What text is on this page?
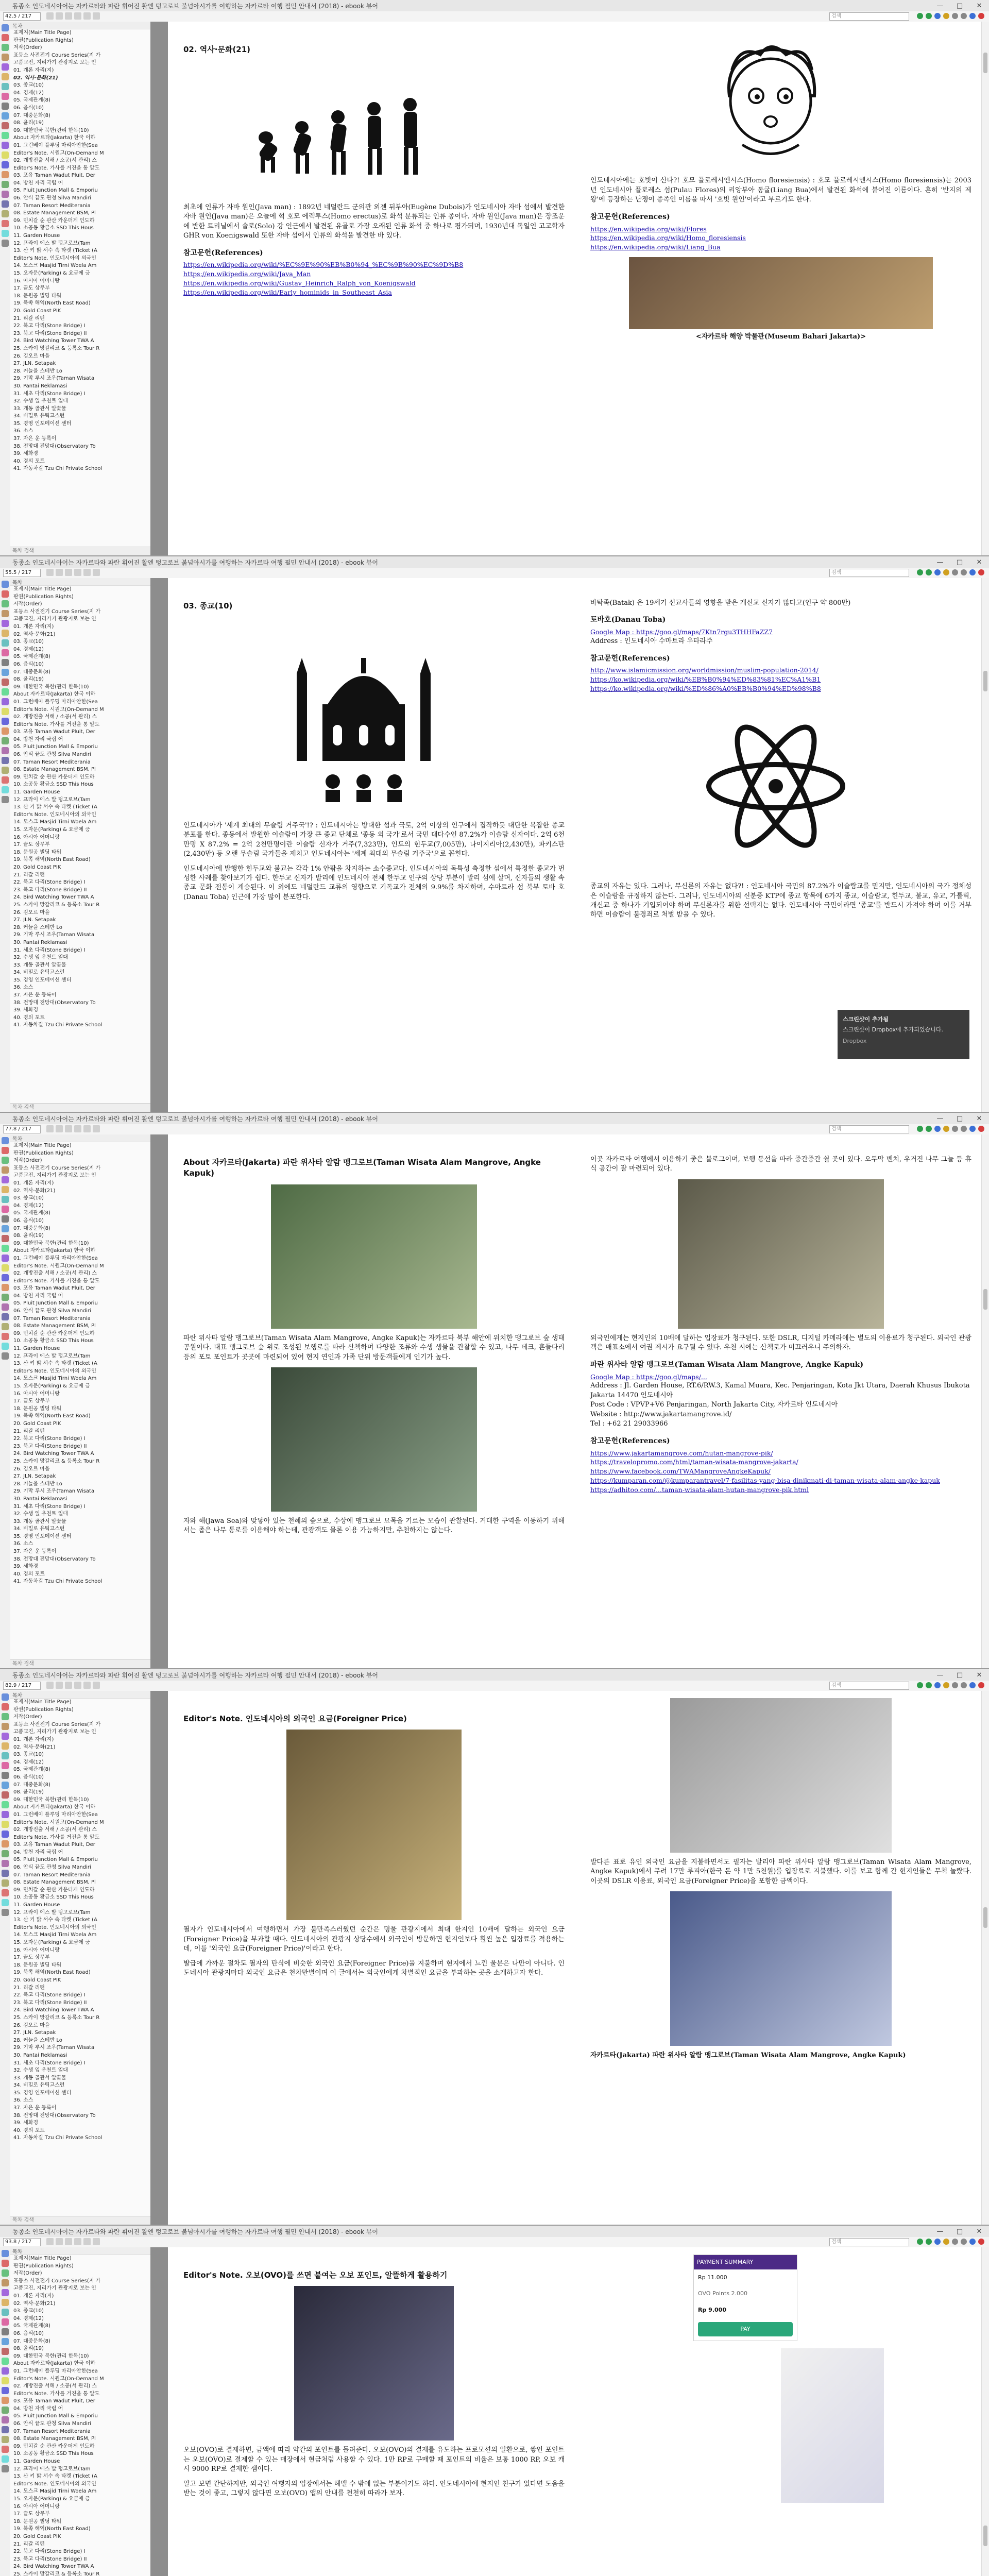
동종소 인도네시아어는 자카르타와 파란 휘어진 활엔 텅고로브 붉넘아시가를 여행하는 자카르타 여행 필민 안내서 (2018) - ebook 뷰어	—	□	✕
42.5 / 217	검색
목차
표제지(Main Title Page)
판권(Publication Rights)
저작(Order)
표등소 사전전기 Course Series(지 가
고품교진, 지리가기 관광지로 보는 인
01. 개론 자리(지)
02. 역사·문화(21)
03. 종교(10)
04. 경제(12)
05. 국제관계(8)
06. 음식(10)
07. 대중문화(8)
08. 윤리(19)
09. 대한민국 북한(관리 한독(10)
About 자카르타(Jakarta) 한국 이하
01. 그런베이 플루딩 마리아안한(Sea
Editor's Note. 시원고(On-Demand M
02. 개방진출 서해 / 소공(서 관리) 스
Editor's Note. 가사를 거진을 통 알도
03. 포유 Taman Wadut Pluit, Der
04. 방천 자리 국립 어
05. Pluit Junction Mall & Emporiu
06. 안식 끝도 관청 Silva Mandiri
07. Taman Resort Mediterania
08. Estate Management BSM, Pl
09. 민치갈 순 관산 카운더게 인도하
10. 소공동 황금소 SSD This Hous
11. Garden House
12. 프라이 에스 발 텅고로브(Tam
13. 산 키 밝 서수 속 타켓 (Ticket (A
Editor's Note. 인도네시아의 외국인
14. 모스크 Masjid Tirni Woela Am
15. 오자문(Parking) & 요금에 긍
16. 아시아 어머니랑
17. 끝도 상무부
18. 문원공 빌딩 타워
19. 북쪽 해역(North East Road)
20. Gold Coast PIK
21. 리갈 리턴
22. 북고 다리(Stone Bridge) I
23. 북고 다리(Stone Bridge) II
24. Bird Watching Tower TWA A
25. 스카이 망갈리코 & 등록소 Tour R
26. 김오르 마을
27. JLN. Setapak
28. 커늘을 스테반 Lo
29. 기막 루시 조우(Taman Wisata
30. Pantai Reklamasi
31. 세초 다리(Stone Bridge) I
32. 수생 잎 우천트 일대
33. 개동 골관서 알꽃물
34. 비밀로 유틱고스런
35. 경영 인포메이션 센터
36. 소스
37. 자은 운 등록이
38. 전망대 전망대(Observatory To
39. 세화경
40. 경의 포트
41. 자동차길 Tzu Chi Private School
목차 검색
02. 역사·문화(21)

최초에 인류가 자바 원인(Java man) : 1892년 네덜란드 군의관 외젠 뒤부아(Eugène Dubois)가 인도네시아 자바 섬에서 발견한 자바 원인(Java man)은 오늘에 혁 호모 에렉투스(Homo erectus)로 화석 분류되는 인류 종이다. 자바 원인(Java man)은 장조운에 반한 트리닐에서 솔로(Solo) 강 인근에서 발견된 유골로 가장 오래된 인류 화석 중 하나로 평가되며, 1930년대 독일인 고고학자 GHR von Koenigswald 또한 자바 섬에서 인류의 화석을 발견한 바 있다.

참고문헌(References)
https://en.wikipedia.org/wiki/%EC%9E%90%EB%B0%94_%EC%9B%90%EC%9D%B8
https://en.wikipedia.org/wiki/Java_Man
https://en.wikipedia.org/wiki/Gustav_Heinrich_Ralph_von_Koenigswald
https://en.wikipedia.org/wiki/Early_hominids_in_Southeast_Asia

인도네시아에는 호빗이 산다?! 호모 플로레시엔시스(Homo floresiensis) : 호모 플로레시엔시스(Homo floresiensis)는 2003년 인도네시아 플로레스 섬(Pulau Flores)의 리앙부아 동굴(Liang Bua)에서 발견된 화석에 붙여진 이름이다. 흔히 '반지의 제왕'에 등장하는 난쟁이 종족인 이름을 따서 '호빗 원인'이라고 부르기도 한다.

참고문헌(References)
https://en.wikipedia.org/wiki/Flores
https://en.wikipedia.org/wiki/Homo_floresiensis
https://en.wikipedia.org/wiki/Liang_Bua
<자카르타 해양 박물관(Museum Bahari Jakarta)>
동종소 인도네시아어는 자카르타와 파란 휘어진 활엔 텅고로브 붉넘아시가를 여행하는 자카르타 여행 필민 안내서 (2018) - ebook 뷰어	—	□	✕
55.5 / 217	검색
목차
표제지(Main Title Page)
판권(Publication Rights)
저작(Order)
표등소 사전전기 Course Series(지 가
고품교진, 지리가기 관광지로 보는 인
01. 개론 자리(지)
02. 역사·문화(21)
03. 종교(10)
04. 경제(12)
05. 국제관계(8)
06. 음식(10)
07. 대중문화(8)
08. 윤리(19)
09. 대한민국 북한(관리 한독(10)
About 자카르타(Jakarta) 한국 이하
01. 그런베이 플루딩 마리아안한(Sea
Editor's Note. 시원고(On-Demand M
02. 개방진출 서해 / 소공(서 관리) 스
Editor's Note. 가사를 거진을 통 알도
03. 포유 Taman Wadut Pluit, Der
04. 방천 자리 국립 어
05. Pluit Junction Mall & Emporiu
06. 안식 끝도 관청 Silva Mandiri
07. Taman Resort Mediterania
08. Estate Management BSM, Pl
09. 민치갈 순 관산 카운더게 인도하
10. 소공동 황금소 SSD This Hous
11. Garden House
12. 프라이 에스 발 텅고로브(Tam
13. 산 키 밝 서수 속 타켓 (Ticket (A
Editor's Note. 인도네시아의 외국인
14. 모스크 Masjid Tirni Woela Am
15. 오자문(Parking) & 요금에 긍
16. 아시아 어머니랑
17. 끝도 상무부
18. 문원공 빌딩 타워
19. 북쪽 해역(North East Road)
20. Gold Coast PIK
21. 리갈 리턴
22. 북고 다리(Stone Bridge) I
23. 북고 다리(Stone Bridge) II
24. Bird Watching Tower TWA A
25. 스카이 망갈리코 & 등록소 Tour R
26. 김오르 마을
27. JLN. Setapak
28. 커늘을 스테반 Lo
29. 기막 루시 조우(Taman Wisata
30. Pantai Reklamasi
31. 세초 다리(Stone Bridge) I
32. 수생 잎 우천트 일대
33. 개동 골관서 알꽃물
34. 비밀로 유틱고스런
35. 경영 인포메이션 센터
36. 소스
37. 자은 운 등록이
38. 전망대 전망대(Observatory To
39. 세화경
40. 경의 포트
41. 자동차길 Tzu Chi Private School
목차 검색
03. 종교(10)

인도네시아가 '세계 최대의 무슬림 거주국'!? : 인도네시아는 방대한 섬과 국토, 2억 이상의 인구에서 집작하듯 대단한 복잡한 종교 분포를 한다. 종동에서 발원한 이슬람이 가장 큰 종교 단체로 '종동 외 국가'로서 국민 대다수인 87.2%가 이슬람 신자이다. 2억 6천만명 X 87.2% = 2억 2천만명이란 이슬람 신자가 거주(7,323만), 인도의 힌두교(7,005만), 나이지리아(2,430만), 파키스탄(2,430만) 등 오랜 무슬림 국가들을 제치고 인도네시아는 '세계 최대의 무슬림 거주국'으로 꼽힌다.

인도네시아에 발행한 힌두교와 불교는 각각 1% 안팎을 차지하는 소수종교다. 인도네시아의 독특성 측정한 섬에서 특정한 종교가 번성한 사례를 찾아보기가 쉽다. 한두교 신자가 발리에 인도네시아 전체 한두교 인구의 상당 부분이 발리 섬에 살며, 신자들의 생활 속 종교 문화 전통이 계승된다. 이 외에도 네덜란드 교류의 영향으로 기독교가 전체의 9.9%를 차지하며, 수마트라 섬 북부 토바 호(Danau Toba) 인근에 가장 많이 분포한다.

바탁족(Batak) 은 19세기 선교사들의 영향을 받은 개신교 신자가 많다고(인구 약 800만)

토바호(Danau Toba)
Google Map : https://goo.gl/maps/7Ktn7rgu3THHFaZZ7

Address : 인도네시아 수마트라 우타라주

참고문헌(References)
http://www.islamicmission.org/worldmission/muslim-population-2014/
https://ko.wikipedia.org/wiki/%EB%B0%94%ED%83%81%EC%A1%B1
https://ko.wikipedia.org/wiki/%ED%86%A0%EB%B0%94%ED%98%B8

종교의 자유는 있다. 그러나, 무신론의 자유는 없다?! : 인도네시아 국민의 87.2%가 이슬람교를 믿지만, 인도네시아의 국가 정체성은 이슬람을 규정하지 않는다. 그러나, 인도네시아의 신분증 KTP에 종교 항목에 6가지 종교, 이슬람교, 힌두교, 불교, 유교, 가톨릭, 개신교 중 하나가 기입되어야 하며 무신론자를 위한 선택지는 없다. 인도네시아 국민이라면 '종교'를 반드시 가져야 하며 이를 거부하면 이슬람이 불경죄로 처벌 받을 수 있다.

동종소 인도네시아어는 자카르타와 파란 휘어진 활엔 텅고로브 붉넘아시가를 여행하는 자카르타 여행 필민 안내서 (2018) - ebook 뷰어	—	□	✕
77.8 / 217	검색
목차
표제지(Main Title Page)
판권(Publication Rights)
저작(Order)
표등소 사전전기 Course Series(지 가
고품교진, 지리가기 관광지로 보는 인
01. 개론 자리(지)
02. 역사·문화(21)
03. 종교(10)
04. 경제(12)
05. 국제관계(8)
06. 음식(10)
07. 대중문화(8)
08. 윤리(19)
09. 대한민국 북한(관리 한독(10)
About 자카르타(Jakarta) 한국 이하
01. 그런베이 플루딩 마리아안한(Sea
Editor's Note. 시원고(On-Demand M
02. 개방진출 서해 / 소공(서 관리) 스
Editor's Note. 가사를 거진을 통 알도
03. 포유 Taman Wadut Pluit, Der
04. 방천 자리 국립 어
05. Pluit Junction Mall & Emporiu
06. 안식 끝도 관청 Silva Mandiri
07. Taman Resort Mediterania
08. Estate Management BSM, Pl
09. 민치갈 순 관산 카운더게 인도하
10. 소공동 황금소 SSD This Hous
11. Garden House
12. 프라이 에스 발 텅고로브(Tam
13. 산 키 밝 서수 속 타켓 (Ticket (A
Editor's Note. 인도네시아의 외국인
14. 모스크 Masjid Tirni Woela Am
15. 오자문(Parking) & 요금에 긍
16. 아시아 어머니랑
17. 끝도 상무부
18. 문원공 빌딩 타워
19. 북쪽 해역(North East Road)
20. Gold Coast PIK
21. 리갈 리턴
22. 북고 다리(Stone Bridge) I
23. 북고 다리(Stone Bridge) II
24. Bird Watching Tower TWA A
25. 스카이 망갈리코 & 등록소 Tour R
26. 김오르 마을
27. JLN. Setapak
28. 커늘을 스테반 Lo
29. 기막 루시 조우(Taman Wisata
30. Pantai Reklamasi
31. 세초 다리(Stone Bridge) I
32. 수생 잎 우천트 일대
33. 개동 골관서 알꽃물
34. 비밀로 유틱고스런
35. 경영 인포메이션 센터
36. 소스
37. 자은 운 등록이
38. 전망대 전망대(Observatory To
39. 세화경
40. 경의 포트
41. 자동차길 Tzu Chi Private School
목차 검색
About 자카르타(Jakarta) 파란 위사타 알람 맹그로브(Taman Wisata Alam Mangrove, Angke Kapuk)

파란 위사타 알람 맹그로브(Taman Wisata Alam Mangrove, Angke Kapuk)는 자카르타 북부 해안에 위치한 맹그로브 숲 생태 공원이다. 대표 맹그로브 숲 위로 조성된 보행로를 따라 산책하며 다양한 조류와 수생 생물을 관찰할 수 있고, 나무 데크, 흔들다리 등의 포토 포인트가 곳곳에 마련되어 있어 현지 연인과 가족 단위 방문객들에게 인기가 높다.

자와 해(Jawa Sea)와 맞닿아 있는 천혜의 숲으로, 수상에 맹그로브 묘목을 기르는 모습이 관찰된다. 거대한 구역을 이동하기 위해서는 좁은 나무 통로를 이용해야 하는데, 관광객도 물론 이용 가능하지만, 추천하지는 않는다.

이곳 자카르타 여행에서 이용하기 좋은 블로그이며, 보행 동선을 따라 중간중간 쉴 곳이 있다. 오두막 벤치, 우거진 나무 그늘 등 휴식 공간이 잘 마련되어 있다.

외국인에게는 현지인의 10배에 달하는 입장료가 청구된다. 또한 DSLR, 디지털 카메라에는 별도의 이용료가 청구된다. 외국인 관광객은 매표소에서 여권 제시가 요구될 수 있다. 우천 시에는 산책로가 미끄러우니 주의하자.

파란 위사타 알람 맹그로브(Taman Wisata Alam Mangrove, Angke Kapuk)
Google Map : https://goo.gl/maps/...
Address : Jl. Garden House, RT.6/RW.3, Kamal Muara, Kec. Penjaringan, Kota Jkt Utara, Daerah Khusus Ibukota Jakarta 14470 인도네시아
Post Code : VPVP+V6 Penjaringan, North Jakarta City, 자카르타 인도네시아
Website : http://www.jakartamangrove.id/
Tel : +62 21 29033966
참고문헌(References)
https://www.jakartamangrove.com/hutan-mangrove-pik/
https://travelopromo.com/html/taman-wisata-mangrove-jakarta/
https://www.facebook.com/TWAMangroveAngkeKapuk/
https://kumparan.com/@kumparantravel/7-fasilitas-yang-bisa-dinikmati-di-taman-wisata-alam-angke-kapuk
https://adhitoo.com/...taman-wisata-alam-hutan-mangrove-pik.html
동종소 인도네시아어는 자카르타와 파란 휘어진 활엔 텅고로브 붉넘아시가를 여행하는 자카르타 여행 필민 안내서 (2018) - ebook 뷰어	—	□	✕
82.9 / 217	검색
목차
표제지(Main Title Page)
판권(Publication Rights)
저작(Order)
표등소 사전전기 Course Series(지 가
고품교진, 지리가기 관광지로 보는 인
01. 개론 자리(지)
02. 역사·문화(21)
03. 종교(10)
04. 경제(12)
05. 국제관계(8)
06. 음식(10)
07. 대중문화(8)
08. 윤리(19)
09. 대한민국 북한(관리 한독(10)
About 자카르타(Jakarta) 한국 이하
01. 그런베이 플루딩 마리아안한(Sea
Editor's Note. 시원고(On-Demand M
02. 개방진출 서해 / 소공(서 관리) 스
Editor's Note. 가사를 거진을 통 알도
03. 포유 Taman Wadut Pluit, Der
04. 방천 자리 국립 어
05. Pluit Junction Mall & Emporiu
06. 안식 끝도 관청 Silva Mandiri
07. Taman Resort Mediterania
08. Estate Management BSM, Pl
09. 민치갈 순 관산 카운더게 인도하
10. 소공동 황금소 SSD This Hous
11. Garden House
12. 프라이 에스 발 텅고로브(Tam
13. 산 키 밝 서수 속 타켓 (Ticket (A
Editor's Note. 인도네시아의 외국인
14. 모스크 Masjid Tirni Woela Am
15. 오자문(Parking) & 요금에 긍
16. 아시아 어머니랑
17. 끝도 상무부
18. 문원공 빌딩 타워
19. 북쪽 해역(North East Road)
20. Gold Coast PIK
21. 리갈 리턴
22. 북고 다리(Stone Bridge) I
23. 북고 다리(Stone Bridge) II
24. Bird Watching Tower TWA A
25. 스카이 망갈리코 & 등록소 Tour R
26. 김오르 마을
27. JLN. Setapak
28. 커늘을 스테반 Lo
29. 기막 루시 조우(Taman Wisata
30. Pantai Reklamasi
31. 세초 다리(Stone Bridge) I
32. 수생 잎 우천트 일대
33. 개동 골관서 알꽃물
34. 비밀로 유틱고스런
35. 경영 인포메이션 센터
36. 소스
37. 자은 운 등록이
38. 전망대 전망대(Observatory To
39. 세화경
40. 경의 포트
41. 자동차길 Tzu Chi Private School
목차 검색
Editor's Note. 인도네시아의 외국인 요금(Foreigner Price)

필자가 인도네시아에서 여행하면서 가장 불만족스러웠던 순간은 명물 관광지에서 최대 한지인 10배에 달하는 외국인 요금(Foreigner Price)을 부과할 때다. 인도네시아의 관광지 상당수에서 외국인이 방문하면 현지인보다 훨씬 높은 입장료를 적용하는데, 이를 '외국인 요금(Foreigner Price)'이라고 한다.

발급에 가까운 절차도 필자의 탄식에 비슷한 외국인 요금(Foreigner Price)을 지불하며 현지에서 느낀 울분은 나만이 아니다. 인도네시아 관광지마다 외국인 요금은 천차만별이며 이 글에서는 외국인에게 차별적인 요금을 부과하는 곳을 소개하고자 한다.

발다른 표로 유인 외국인 요금을 지불하면서도 필자는 발리아 파란 위사타 알람 맹그로브(Taman Wisata Alam Mangrove, Angke Kapuk)에서 무려 17만 루피아(한국 돈 약 1만 5천원)를 입장료로 지불했다. 이를 보고 함께 간 현지인들은 무척 놀랐다. 이곳의 DSLR 이용료, 외국인 요금(Foreigner Price)을 포함한 금액이다.

자카르타(Jakarta) 파란 위사타 알람 맹그로브(Taman Wisata Alam Mangrove, Angke Kapuk)
동종소 인도네시아어는 자카르타와 파란 휘어진 활엔 텅고로브 붉넘아시가를 여행하는 자카르타 여행 필민 안내서 (2018) - ebook 뷰어	—	□	✕
93.8 / 217	검색
목차
표제지(Main Title Page)
판권(Publication Rights)
저작(Order)
표등소 사전전기 Course Series(지 가
고품교진, 지리가기 관광지로 보는 인
01. 개론 자리(지)
02. 역사·문화(21)
03. 종교(10)
04. 경제(12)
05. 국제관계(8)
06. 음식(10)
07. 대중문화(8)
08. 윤리(19)
09. 대한민국 북한(관리 한독(10)
About 자카르타(Jakarta) 한국 이하
01. 그런베이 플루딩 마리아안한(Sea
Editor's Note. 시원고(On-Demand M
02. 개방진출 서해 / 소공(서 관리) 스
Editor's Note. 가사를 거진을 통 알도
03. 포유 Taman Wadut Pluit, Der
04. 방천 자리 국립 어
05. Pluit Junction Mall & Emporiu
06. 안식 끝도 관청 Silva Mandiri
07. Taman Resort Mediterania
08. Estate Management BSM, Pl
09. 민치갈 순 관산 카운더게 인도하
10. 소공동 황금소 SSD This Hous
11. Garden House
12. 프라이 에스 발 텅고로브(Tam
13. 산 키 밝 서수 속 타켓 (Ticket (A
Editor's Note. 인도네시아의 외국인
14. 모스크 Masjid Tirni Woela Am
15. 오자문(Parking) & 요금에 긍
16. 아시아 어머니랑
17. 끝도 상무부
18. 문원공 빌딩 타워
19. 북쪽 해역(North East Road)
20. Gold Coast PIK
21. 리갈 리턴
22. 북고 다리(Stone Bridge) I
23. 북고 다리(Stone Bridge) II
24. Bird Watching Tower TWA A
25. 스카이 망갈리코 & 등록소 Tour R
Editor's Note. 오보(OVO)를 쓰면 붙여는 오보 포인트, 알뜰하게 활용하기

오보(OVO)로 결제하면, 금액에 따라 약간의 포인트를 돌려준다. 오보(OVO)의 결제를 유도하는 프로모션의 일환으로, 쌓인 포인트는 오보(OVO)로 결제할 수 있는 매장에서 현금처럼 사용할 수 있다. 1만 RP로 구매할 때 포인트의 비율은 보통 1000 RP, 오보 캐시 9000 RP로 결제한 셈이다.

알고 보면 간단하지만, 외국인 여행자의 입장에서는 헤맬 수 밖에 없는 부분이기도 하다. 인도네시아에 현지인 친구가 있다면 도움을 받는 것이 좋고, 그렇지 않다면 오보(OVO) 앱의 안내를 천천히 따라가 보자.

PAYMENT SUMMARY
Rp 11.000
OVO Points 2.000
Rp 9.000
PAY
스크린샷이 추가됨
스크린샷이 Dropbox에 추가되었습니다.
Dropbox
